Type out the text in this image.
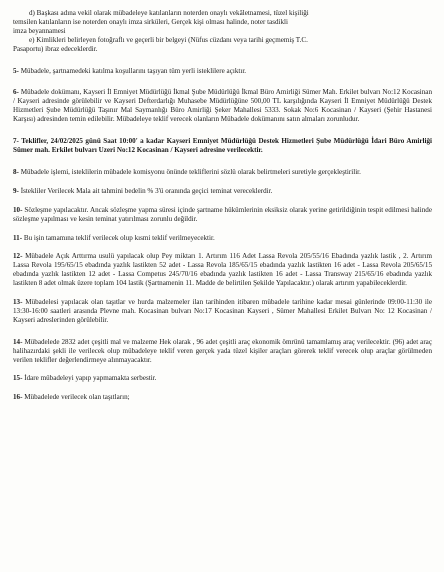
d) Başkası adına vekil olarak mübadeleye katılanların noterden onaylı vekâletnamesi, tüzel kişiliği

temsilen katılanların ise noterden onaylı imza sirküleri, Gerçek kişi olması halinde, noter tasdikli

imza beyannamesi

e) Kimlikleri belirleyen fotoğraflı ve geçerli bir belgeyi (Nüfus cüzdanı veya tarihi geçmemiş T.C.

Pasaportu) ibraz edeceklerdir.

5- Mübadele, şartnamedeki katılma koşullarını taşıyan tüm yerli isteklilere açıktır.

6- Mübadele dokümanı, Kayseri İl Emniyet Müdürlüğü İkmal Şube Müdürlüğü İkmal Büro Amirliği Sümer Mah. Erkilet bulvarı No:12 Kocasinan / Kayseri adresinde görülebilir ve Kayseri Defterdarlığı Muhasebe Müdürlüğüne 500,00 TL karşılığında Kayseri İl Emniyet Müdürlüğü Destek Hizmetleri Şube Müdürlüğü Taşınır Mal Saymanlığı Büro Amirliği Şeker Mahallesi 5333. Sokak No:6 Kocasinan / Kayseri (Şehir Hastanesi Karşısı) adresinden temin edilebilir. Mübadeleye teklif verecek olanların Mübadele dokümanını satın almaları zorunludur.

7- Teklifler, 24/02/2025 günü Saat 10:00' a kadar Kayseri Emniyet Müdürlüğü Destek Hizmetleri Şube Müdürlüğü İdari Büro Amirliği Sümer mah. Erkilet bulvarı Uzeri No:12 Kocasinan / Kayseri adresine verilecektir.

8- Mübadele işlemi, isteklilerin mübadele komisyonu önünde tekliflerini sözlü olarak belirtmeleri suretiyle gerçekleştirilir.

9- İstekliler Verilecek Mala ait tahmini bedelin % 3'ü oranında geçici teminat vereceklerdir.

10- Sözleşme yapılacaktır. Ancak sözleşme yapma süresi içinde şartname hükümlerinin eksiksiz olarak yerine getirildiğinin tespit edilmesi halinde sözleşme yapılması ve kesin teminat yatırılması zorunlu değildir.

11- Bu işin tamamına teklif verilecek olup kısmi teklif verilmeyecektir.

12- Mübadele Açık Arttırma usulü yapılacak olup Pey miktarı 1. Artırım 116 Adet Lassa Revola 205/55/16 Ebadında yazlık lastik , 2. Artırım Lassa Revola 195/65/15 ebadında yazlık lastikten 52 adet - Lassa Revola 185/65/15 ebadında yazlık lastikten 16 adet - Lassa Revola 205/65/15 ebadında yazlık lastikten 12 adet - Lassa Competus 245/70/16 ebadında yazlık lastikten 16 adet - Lassa Transway 215/65/16 ebadında yazlık lastikten 8 adet olmak üzere toplam 104 lastik (Şartnamenin 11. Madde de belirtilen Şekilde Yapılacaktır.) olarak artırım yapabileceklerdir.

13- Mübadelesi yapılacak olan taşıtlar ve hurda malzemeler ilan tarihinden itibaren mübadele tarihine kadar mesai günlerinde 09:00-11:30 ile 13:30-16:00 saatleri arasında Plevne mah. Kocasinan bulvarı No:17 Kocasinan Kayseri , Sümer Mahallesi Erkilet Bulvarı No: 12 Kocasinan / Kayseri adreslerinden görülebilir.

14- Mübadelede 2832 adet çeşitli mal ve malzeme Hek olarak , 96 adet çeşitli araç ekonomik ömrünü tamamlamış araç verilecektir. (96) adet araç halihazırdaki şekli ile verilecek olup mübadeleye teklif veren gerçek yada tüzel kişiler araçları görerek teklif verecek olup araçlar görülmeden verilen teklifler değerlendirmeye alınmayacaktır.

15- İdare mübadeleyi yapıp yapmamakta serbestir.

16- Mübadelede verilecek olan taşıtların;
